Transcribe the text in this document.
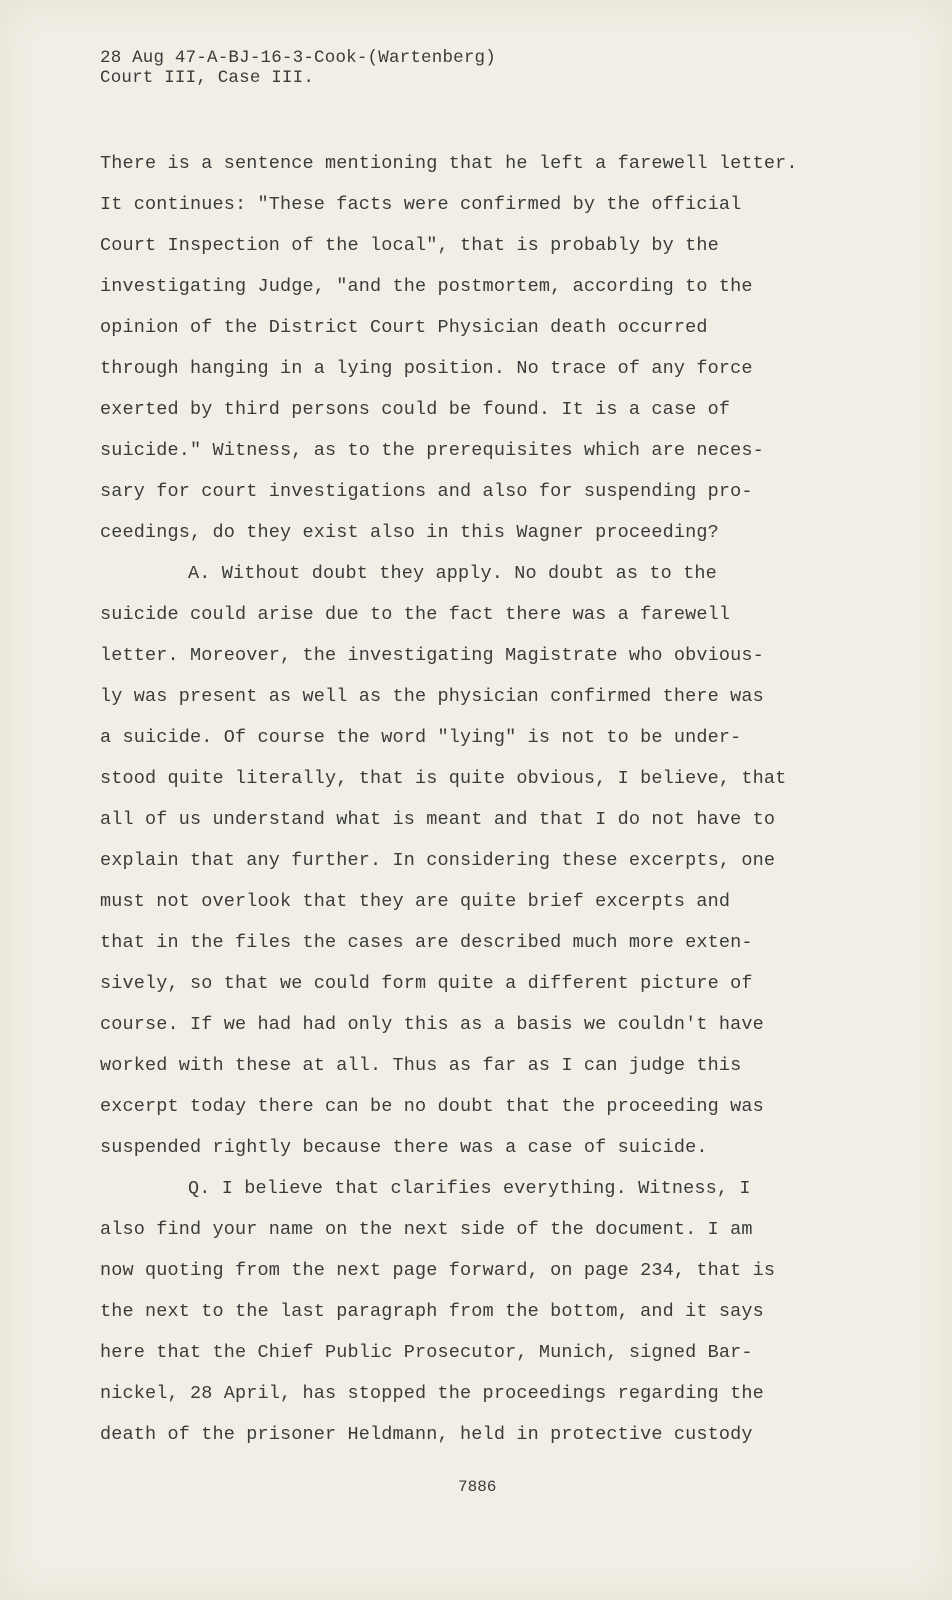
28 Aug 47-A-BJ-16-3-Cook-(Wartenberg)
Court III, Case III.
There is a sentence mentioning that he left a farewell letter.
It continues: "These facts were confirmed by the official
Court Inspection of the local", that is probably by the
investigating Judge, "and the postmortem, according to the
opinion of the District Court Physician death occurred
through hanging in a lying position. No trace of any force
exerted by third persons could be found. It is a case of
suicide." Witness, as to the prerequisites which are neces-
sary for court investigations and also for suspending pro-
ceedings, do they exist also in this Wagner proceeding?
A. Without doubt they apply. No doubt as to the
suicide could arise due to the fact there was a farewell
letter. Moreover, the investigating Magistrate who obvious-
ly was present as well as the physician confirmed there was
a suicide. Of course the word "lying" is not to be under-
stood quite literally, that is quite obvious, I believe, that
all of us understand what is meant and that I do not have to
explain that any further. In considering these excerpts, one
must not overlook that they are quite brief excerpts and
that in the files the cases are described much more exten-
sively, so that we could form quite a different picture of
course. If we had had only this as a basis we couldn't have
worked with these at all. Thus as far as I can judge this
excerpt today there can be no doubt that the proceeding was
suspended rightly because there was a case of suicide.
Q. I believe that clarifies everything. Witness, I
also find your name on the next side of the document. I am
now quoting from the next page forward, on page 234, that is
the next to the last paragraph from the bottom, and it says
here that the Chief Public Prosecutor, Munich, signed Bar-
nickel, 28 April, has stopped the proceedings regarding the
death of the prisoner Heldmann, held in protective custody
7886
